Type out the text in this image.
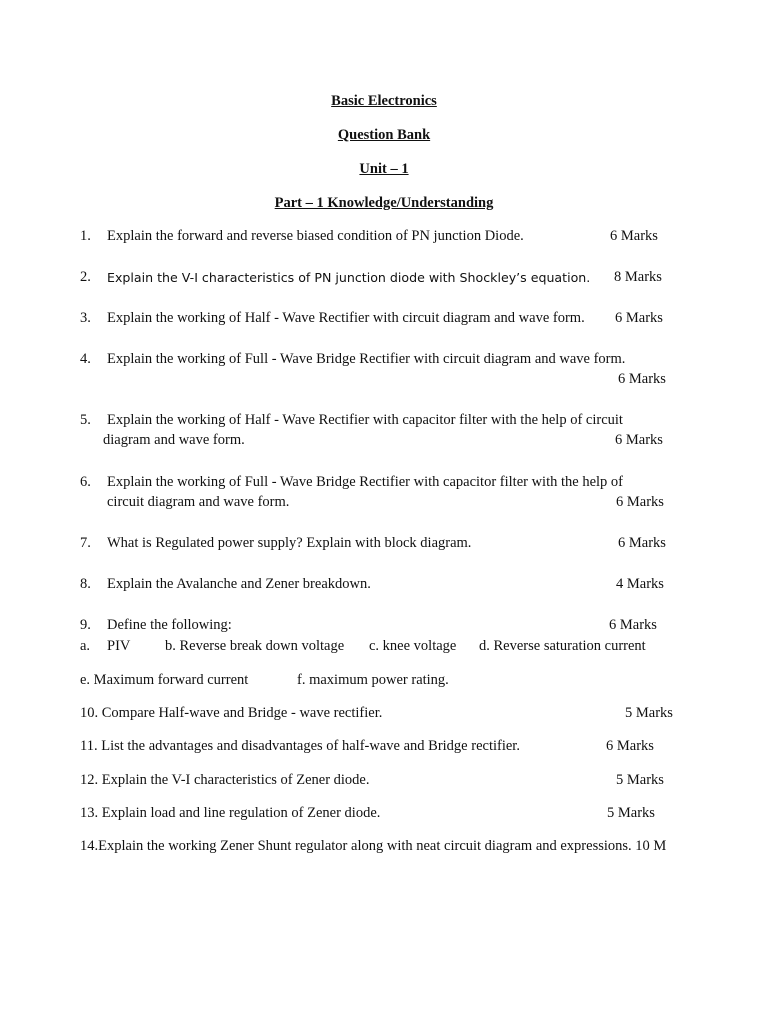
Basic Electronics
Question Bank
Unit – 1
Part – 1 Knowledge/Understanding
1. Explain the forward and reverse biased condition of PN junction Diode.	6 Marks
2. Explain the V-I characteristics of PN junction diode with Shockley’s equation. 8 Marks
3. Explain the working of Half - Wave Rectifier with circuit diagram and wave form. 6 Marks
4. Explain the working of Full - Wave Bridge Rectifier with circuit diagram and wave form.
6 Marks
5. Explain the working of Half - Wave Rectifier with capacitor filter with the help of circuit
diagram and wave form.	6 Marks
6. Explain the working of Full - Wave Bridge Rectifier with capacitor filter with the help of
circuit diagram and wave form.	6 Marks
7. What is Regulated power supply? Explain with block diagram.	6 Marks
8. Explain the Avalanche and Zener breakdown.	4 Marks
9. Define the following:	6 Marks
a. PIV b. Reverse break down voltage c. knee voltage d. Reverse saturation current
e. Maximum forward current	f. maximum power rating.
10. Compare Half-wave and Bridge - wave rectifier.	5 Marks
11. List the advantages and disadvantages of half-wave and Bridge rectifier.	6 Marks
12. Explain the V-I characteristics of Zener diode.	5 Marks
13. Explain load and line regulation of Zener diode.	5 Marks
14.Explain the working Zener Shunt regulator along with neat circuit diagram and expressions. 10 M
